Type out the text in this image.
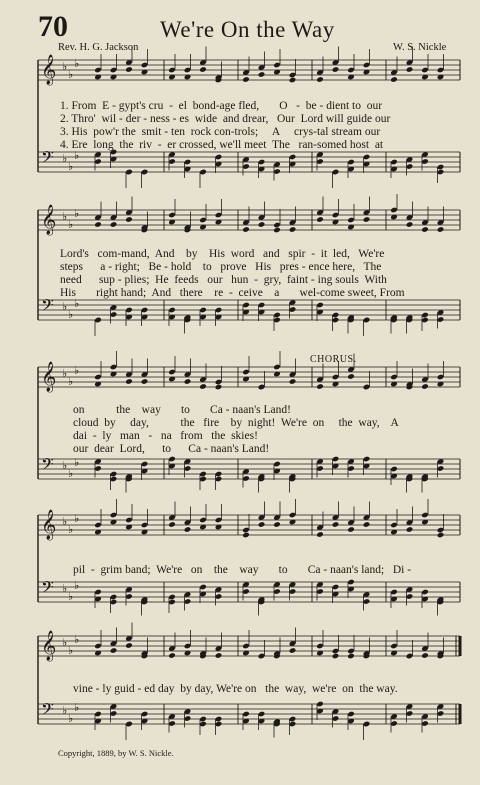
70	We're On the Way
Rev. H. G. Jackson	W. S. Nickle
𝄞 ♭
♭
♭
𝄢 ♭
♭
♭
𝄞 ♭
♭
♭
𝄢 ♭
♭
♭
𝄞 ♭
♭
♭
𝄢 ♭
♭
♭
𝄞 ♭
♭
♭
𝄢 ♭
♭
♭
𝄞 ♭
♭
♭
𝄢 ♭
♭
♭
1. From  E - gypt's cru  -  el  bond-age fled,       O   -  be - dient to  our
2. Thro'  wil - der - ness - es  wide  and drear,   Our  Lord will guide our
3. His  pow'r the  smit - ten  rock con-trols;     A     crys-tal stream our
4. Ere  long  the  riv  -  er crossed, we'll meet  The   ran-somed host  at
Lord's   com-mand,  And    by    His  word   and   spir  -  it  led,   We're
steps      a - right;   Be - hold    to   prove   His   pres - ence here,   The
need      sup - plies;  He  feeds   our   hun  -  gry,  faint - ing souls  With
His       right hand;  And   there    re  -  ceive    a       wel-come sweet, From
CHORUS.
on           the    way       to       Ca - naan's Land!
cloud  by     day,           the   fire    by  night!  We're  on     the  way,    A
dai  -  ly   man   -   na   from   the  skies!
our  dear  Lord,      to      Ca - naan's Land!
pil  -  grim band;  We're   on    the    way       to       Ca - naan's land;   Di -
vine - ly guid - ed day  by day, We're on   the  way,  we're  on  the way.
Copyright, 1889, by W. S. Nickle.
